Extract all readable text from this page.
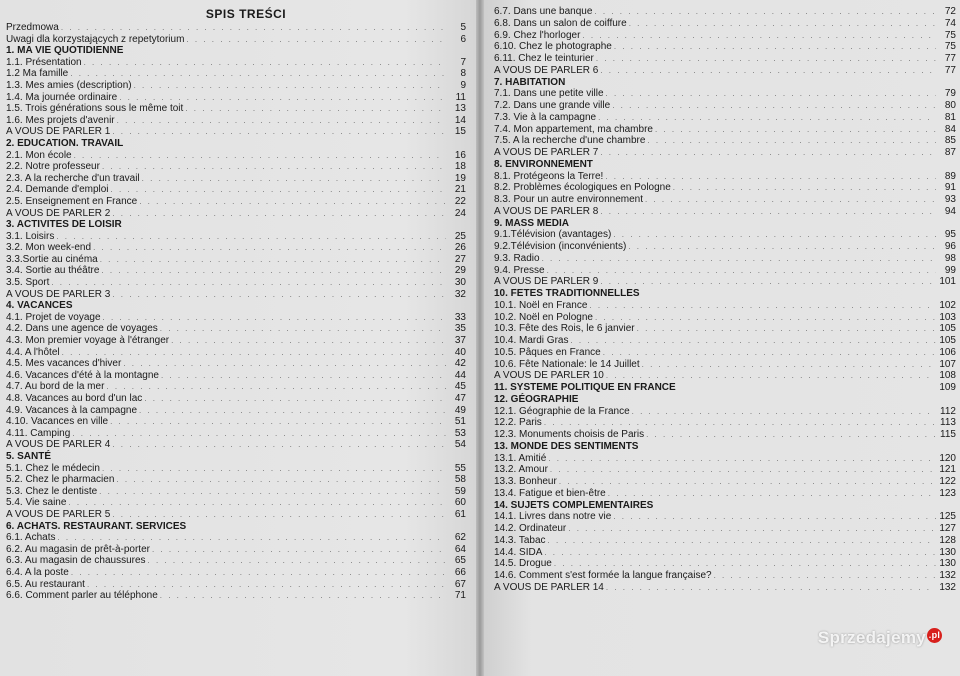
SPIS TREŚCI
Przedmowa . . .	5
Uwagi dla korzystających z repetytorium . . .	6
1. MA VIE QUOTIDIENNE
1.1. Présentation . . .	7
1.2 Ma famille . . .	8
1.3. Mes amies (description) . . .	9
1.4. Ma journée ordinaire . . .	11
1.5. Trois générations sous le même toit . . .	13
1.6. Mes projets d'avenir . . .	14
A VOUS DE PARLER 1 . . .	15
2. EDUCATION. TRAVAIL
2.1. Mon école . . .	16
2.2. Notre professeur . . .	18
2.3. A la recherche d'un travail . . .	19
2.4. Demande d'emploi . . .	21
2.5. Enseignement en France . . .	22
A VOUS DE PARLER 2 . . .	24
3. ACTIVITES DE LOISIR
3.1. Loisirs . . .	25
3.2. Mon week-end . . .	26
3.3.Sortie au cinéma . . .	27
3.4. Sortie au théâtre . . .	29
3.5. Sport . . .	30
A VOUS DE PARLER 3 . . .	32
4. VACANCES
4.1. Projet de voyage . . .	33
4.2. Dans une agence de voyages . . .	35
4.3. Mon premier voyage à l'étranger . . .	37
4.4. A l'hôtel . . .	40
4.5. Mes vacances d'hiver . . .	42
4.6. Vacances d'été à la montagne . . .	44
4.7. Au bord de la mer . . .	45
4.8. Vacances au bord d'un lac . . .	47
4.9. Vacances à la campagne . . .	49
4.10. Vacances en ville . . .	51
4.11. Camping . . .	53
A VOUS DE PARLER 4 . . .	54
5. SANTÉ
5.1. Chez le médecin . . .	55
5.2. Chez le pharmacien . . .	58
5.3. Chez le dentiste . . .	59
5.4. Vie saine . . .	60
A VOUS DE PARLER 5 . . .	61
6. ACHATS. RESTAURANT. SERVICES
6.1. Achats . . .	62
6.2. Au magasin de prêt-à-porter . . .	64
6.3. Au magasin de chaussures . . .	65
6.4. A la poste . . .	66
6.5. Au restaurant . . .	67
6.6. Comment parler au téléphone . . .	71
6.7. Dans une banque . . .	72
6.8. Dans un salon de coiffure . . .	74
6.9. Chez l'horloger . . .	75
6.10. Chez le photographe . . .	75
6.11. Chez le teinturier . . .	77
A VOUS DE PARLER 6 . . .	77
7. HABITATION
7.1. Dans une petite ville . . .	79
7.2. Dans une grande ville . . .	80
7.3. Vie à la campagne . . .	81
7.4. Mon appartement, ma chambre . . .	84
7.5. A la recherche d'une chambre . . .	85
A VOUS DE PARLER 7 . . .	87
8. ENVIRONNEMENT
8.1. Protégeons la Terre! . . .	89
8.2. Problèmes écologiques en Pologne . . .	91
8.3. Pour un autre environnement . . .	93
A VOUS DE PARLER 8 . . .	94
9. MASS MEDIA
9.1.Télévision (avantages) . . .	95
9.2.Télévision (inconvénients) . . .	96
9.3. Radio . . .	98
9.4. Presse . . .	99
A VOUS DE PARLER 9 . . .	101
10. FETES TRADITIONNELLES
10.1. Noël en France . . .	102
10.2. Noël en Pologne . . .	103
10.3. Fête des Rois, le 6 janvier . . .	105
10.4. Mardi Gras . . .	105
10.5. Pâques en France . . .	106
10.6. Fête Nationale: le 14 Juillet . . .	107
A VOUS DE PARLER 10 . . .	108
11. SYSTEME POLITIQUE EN FRANCE	109
12. GÉOGRAPHIE
12.1. Géographie de la France . . .	112
12.2. Paris . . .	113
12.3. Monuments choisis de Paris . . .	115
13. MONDE DES SENTIMENTS
13.1. Amitié . . .	120
13.2. Amour . . .	121
13.3. Bonheur . . .	122
13.4. Fatigue et bien-être . . .	123
14. SUJETS COMPLEMENTAIRES
14.1. Livres dans notre vie . . .	125
14.2. Ordinateur . . .	127
14.3. Tabac . . .	128
14.4. SIDA . . .	130
14.5. Drogue . . .	130
14.6. Comment s'est formée la langue française? . . .	132
A VOUS DE PARLER 14 . . .	132
Sprzedajemy .pl
